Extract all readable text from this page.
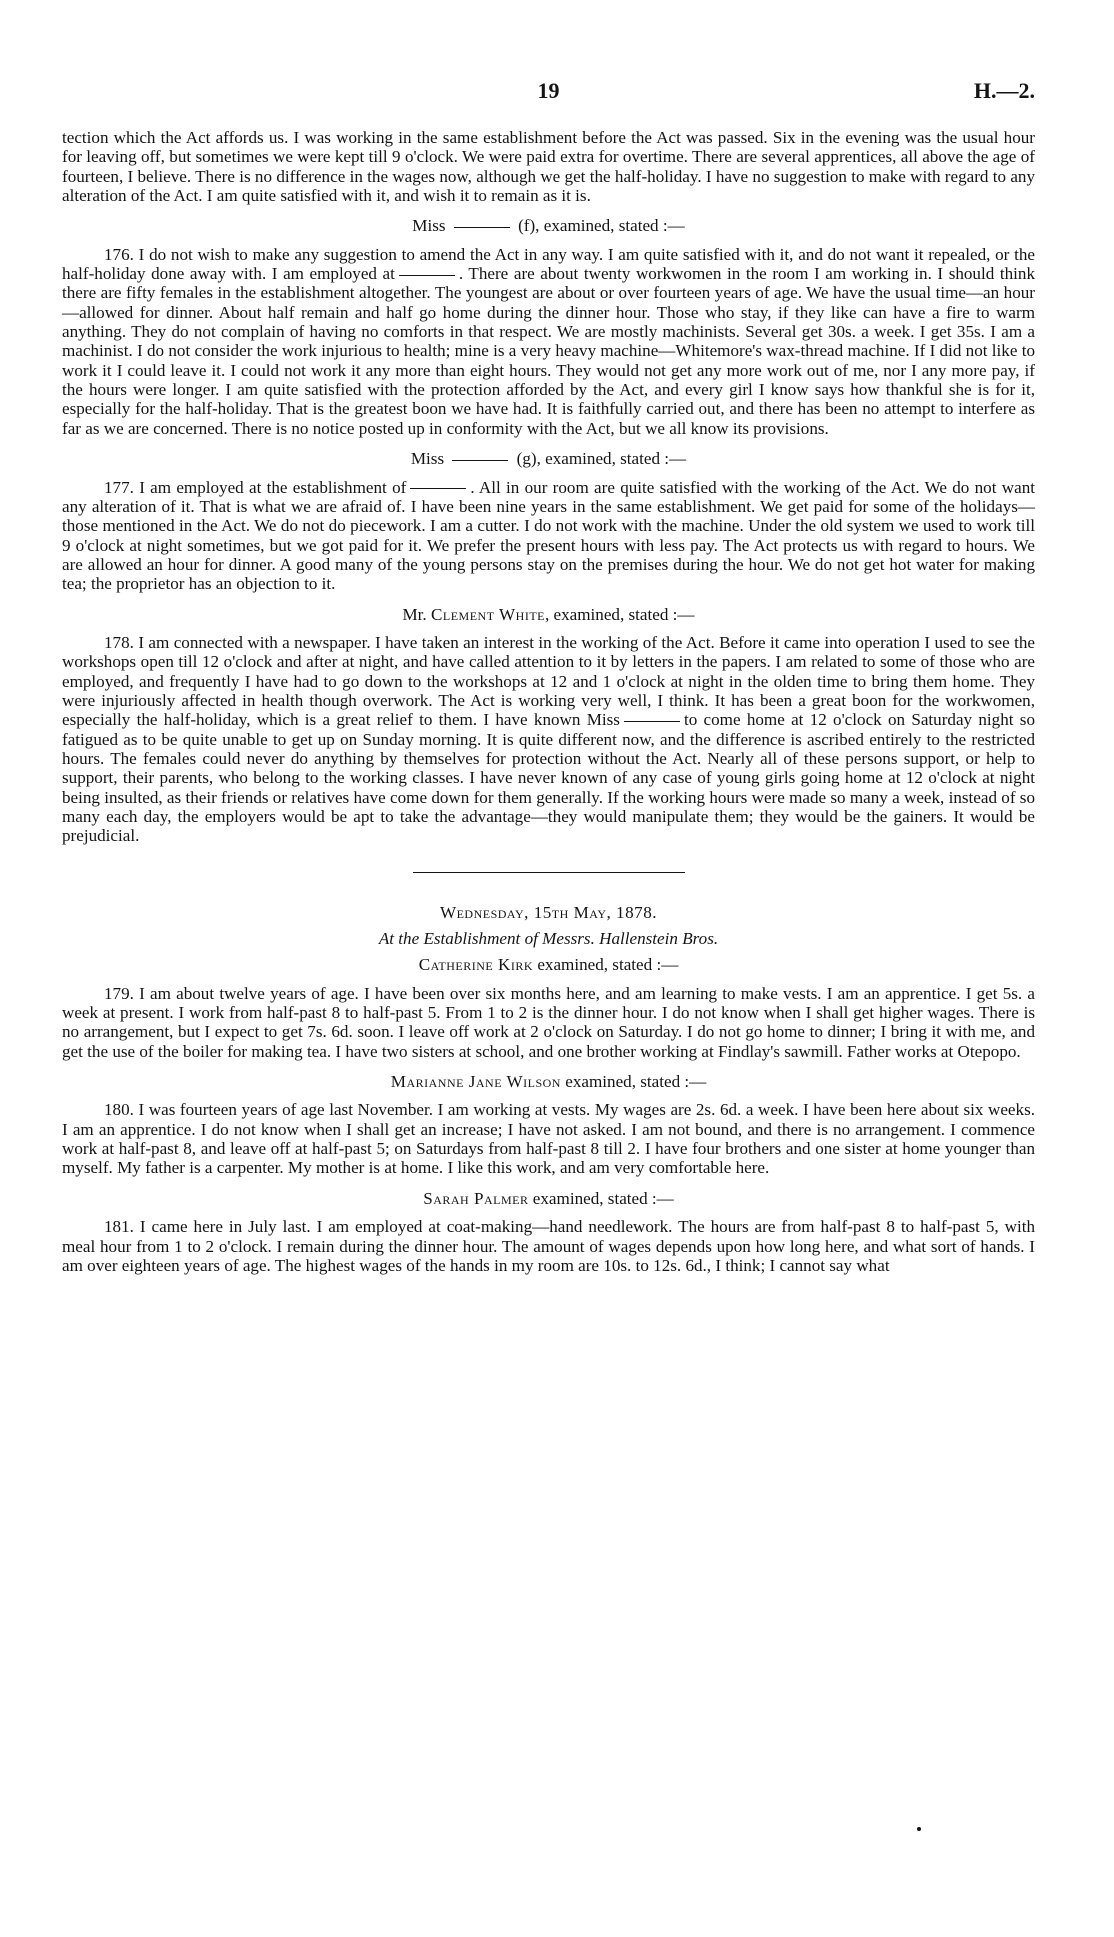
19	H.—2.

tection which the Act affords us. I was working in the same establishment before the Act was passed. Six in the evening was the usual hour for leaving off, but sometimes we were kept till 9 o'clock. We were paid extra for overtime. There are several apprentices, all above the age of fourteen, I believe. There is no difference in the wages now, although we get the half-holiday. I have no suggestion to make with regard to any alteration of the Act. I am quite satisfied with it, and wish it to remain as it is.

Miss	(f), examined, stated :—

176. I do not wish to make any suggestion to amend the Act in any way. I am quite satisfied with it, and do not want it repealed, or the half-holiday done away with. I am employed at	. There are about twenty workwomen in the room I am working in. I should think there are fifty females in the establishment altogether. The youngest are about or over fourteen years of age. We have the usual time—an hour—allowed for dinner. About half remain and half go home during the dinner hour. Those who stay, if they like can have a fire to warm anything. They do not complain of having no comforts in that respect. We are mostly machinists. Several get 30s. a week. I get 35s. I am a machinist. I do not consider the work injurious to health; mine is a very heavy machine—Whitemore's wax-thread machine. If I did not like to work it I could leave it. I could not work it any more than eight hours. They would not get any more work out of me, nor I any more pay, if the hours were longer. I am quite satisfied with the protection afforded by the Act, and every girl I know says how thankful she is for it, especially for the half-holiday. That is the greatest boon we have had. It is faithfully carried out, and there has been no attempt to interfere as far as we are concerned. There is no notice posted up in conformity with the Act, but we all know its provisions.

Miss	(g), examined, stated :—

177. I am employed at the establishment of	. All in our room are quite satisfied with the working of the Act. We do not want any alteration of it. That is what we are afraid of. I have been nine years in the same establishment. We get paid for some of the holidays—those mentioned in the Act. We do not do piecework. I am a cutter. I do not work with the machine. Under the old system we used to work till 9 o'clock at night sometimes, but we got paid for it. We prefer the present hours with less pay. The Act protects us with regard to hours. We are allowed an hour for dinner. A good many of the young persons stay on the premises during the hour. We do not get hot water for making tea; the proprietor has an objection to it.

Mr. Clement White, examined, stated :—

178. I am connected with a newspaper. I have taken an interest in the working of the Act. Before it came into operation I used to see the workshops open till 12 o'clock and after at night, and have called attention to it by letters in the papers. I am related to some of those who are employed, and frequently I have had to go down to the workshops at 12 and 1 o'clock at night in the olden time to bring them home. They were injuriously affected in health though overwork. The Act is working very well, I think. It has been a great boon for the workwomen, especially the half-holiday, which is a great relief to them. I have known Miss	to come home at 12 o'clock on Saturday night so fatigued as to be quite unable to get up on Sunday morning. It is quite different now, and the difference is ascribed entirely to the restricted hours. The females could never do anything by themselves for protection without the Act. Nearly all of these persons support, or help to support, their parents, who belong to the working classes. I have never known of any case of young girls going home at 12 o'clock at night being insulted, as their friends or relatives have come down for them generally. If the working hours were made so many a week, instead of so many each day, the employers would be apt to take the advantage—they would manipulate them; they would be the gainers. It would be prejudicial.

Wednesday, 15th May, 1878.
At the Establishment of Messrs. Hallenstein Bros.
Catherine Kirk examined, stated :—

179. I am about twelve years of age. I have been over six months here, and am learning to make vests. I am an apprentice. I get 5s. a week at present. I work from half-past 8 to half-past 5. From 1 to 2 is the dinner hour. I do not know when I shall get higher wages. There is no arrangement, but I expect to get 7s. 6d. soon. I leave off work at 2 o'clock on Saturday. I do not go home to dinner; I bring it with me, and get the use of the boiler for making tea. I have two sisters at school, and one brother working at Findlay's sawmill. Father works at Otepopo.

Marianne Jane Wilson examined, stated :—

180. I was fourteen years of age last November. I am working at vests. My wages are 2s. 6d. a week. I have been here about six weeks. I am an apprentice. I do not know when I shall get an increase; I have not asked. I am not bound, and there is no arrangement. I commence work at half-past 8, and leave off at half-past 5; on Saturdays from half-past 8 till 2. I have four brothers and one sister at home younger than myself. My father is a carpenter. My mother is at home. I like this work, and am very comfortable here.

Sarah Palmer examined, stated :—

181. I came here in July last. I am employed at coat-making—hand needlework. The hours are from half-past 8 to half-past 5, with meal hour from 1 to 2 o'clock. I remain during the dinner hour. The amount of wages depends upon how long here, and what sort of hands. I am over eighteen years of age. The highest wages of the hands in my room are 10s. to 12s. 6d., I think; I cannot say what
